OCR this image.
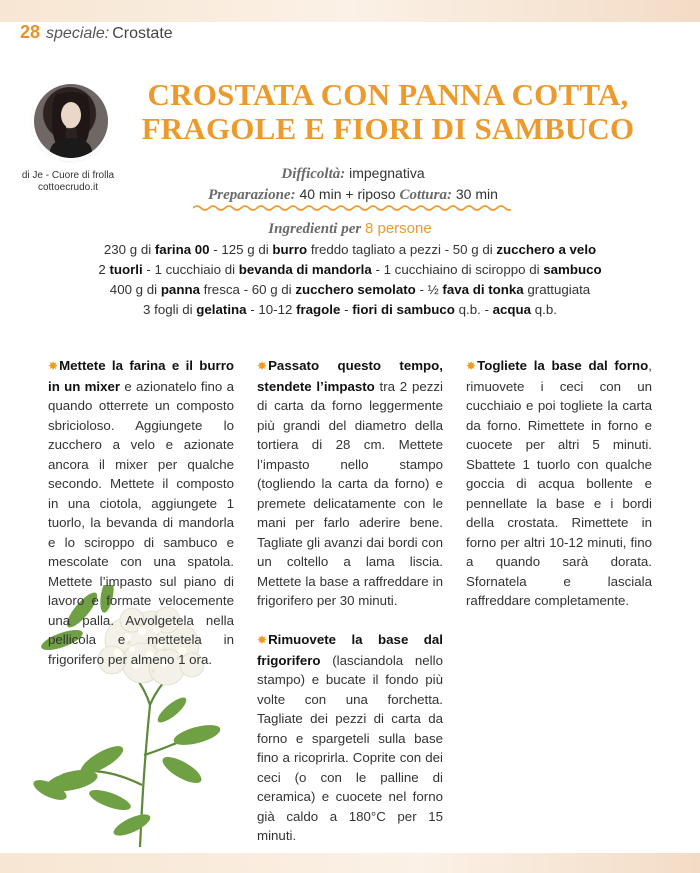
28 speciale: Crostate
di Je - Cuore di frolla
cottoecrudo.it
CROSTATA CON PANNA COTTA,
FRAGOLE E FIORI DI SAMBUCO
Difficoltà: impegnativa
Preparazione: 40 min + riposo Cottura: 30 min
Ingredienti per 8 persone
230 g di farina 00 - 125 g di burro freddo tagliato a pezzi - 50 g di zucchero a velo
2 tuorli - 1 cucchiaio di bevanda di mandorla - 1 cucchiaino di sciroppo di sambuco
400 g di panna fresca - 60 g di zucchero semolato - ½ fava di tonka grattugiata
3 fogli di gelatina - 10-12 fragole - fiori di sambuco q.b. - acqua q.b.

✸Mettete la farina e il burro in un mixer e azionatelo fino a quando otterrete un composto sbricioloso. Aggiungete lo zucchero a velo e azionate ancora il mixer per qualche secondo. Mettete il composto in una ciotola, aggiungete 1 tuorlo, la bevanda di mandorla e lo sciroppo di sambuco e mescolate con una spatola. Mettete l’impasto sul piano di lavoro e formate velocemente una palla. Avvolgetela nella pellicola e mettetela in frigorifero per almeno 1 ora.

✸Passato questo tempo, stendete l’impasto tra 2 pezzi di carta da forno leggermente più grandi del diametro della tortiera di 28 cm. Mettete l’impasto nello stampo (togliendo la carta da forno) e premete delicatamente con le mani per farlo aderire bene. Tagliate gli avanzi dai bordi con un coltello a lama liscia. Mettete la base a raffreddare in frigorifero per 30 minuti.

✸Rimuovete la base dal frigorifero (lasciandola nello stampo) e bucate il fondo più volte con una forchetta. Tagliate dei pezzi di carta da forno e spargeteli sulla base fino a ricoprirla. Coprite con dei ceci (o con le palline di ceramica) e cuocete nel forno già caldo a 180°C per 15 minuti.

✸Togliete la base dal forno, rimuovete i ceci con un cucchiaio e poi togliete la carta da forno. Rimettete in forno e cuocete per altri 5 minuti. Sbattete 1 tuorlo con qualche goccia di acqua bollente e pennellate la base e i bordi della crostata. Rimettete in forno per altri 10-12 minuti, fino a quando sarà dorata. Sfornatela e lasciala raffreddare completamente.
